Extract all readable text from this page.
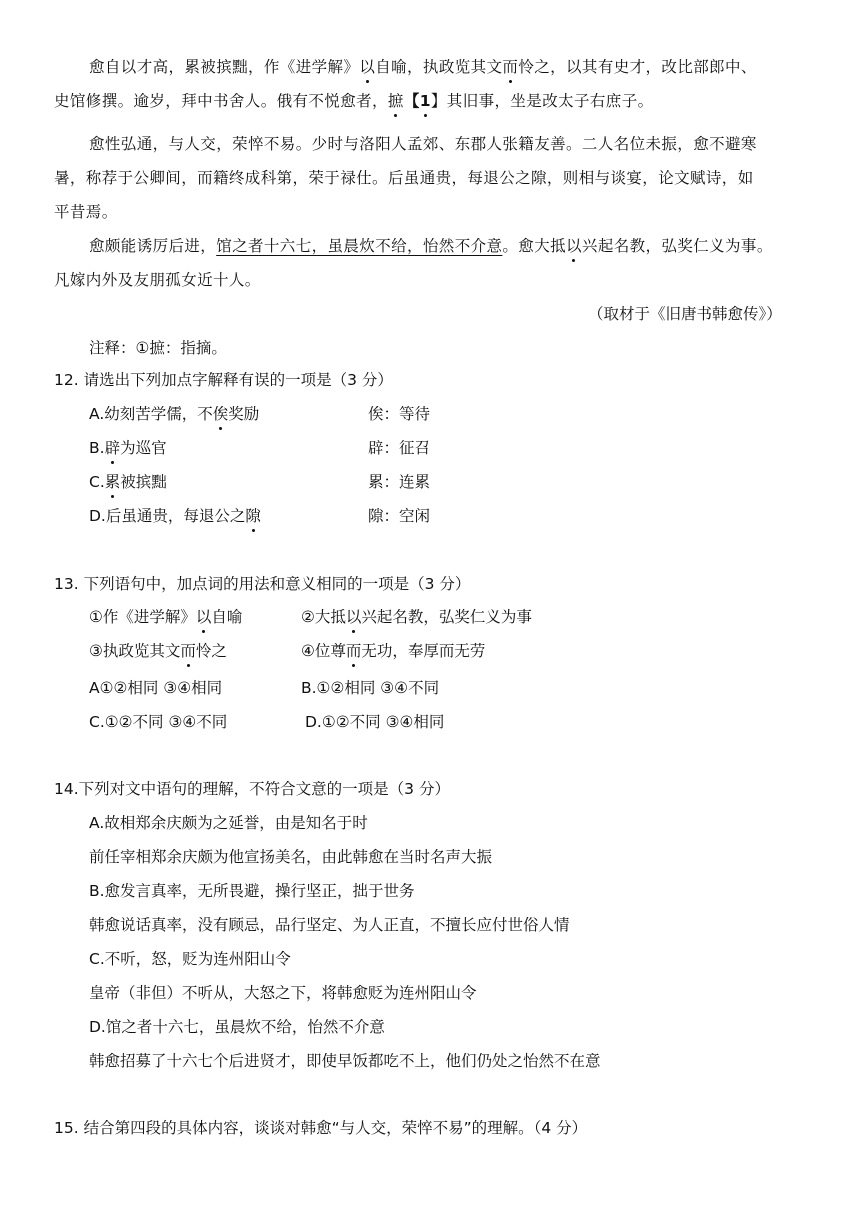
愈自以才高，累被摈黜，作《进学解》以自喻，执政览其文而怜之，以其有史才，改比部郎中、
史馆修撰。逾岁，拜中书舍人。俄有不悦愈者，摭【1】其旧事，坐是改太子右庶子。
愈性弘通，与人交，荣悴不易。少时与洛阳人孟郊、东郡人张籍友善。二人名位未振，愈不避寒
暑，称荐于公卿间，而籍终成科第，荣于禄仕。后虽通贵，每退公之隙，则相与谈宴，论文赋诗，如
平昔焉。
愈颇能诱厉后进，馆之者十六七，虽晨炊不给，怡然不介意。愈大抵以兴起名教，弘奖仁义为事。
凡嫁内外及友朋孤女近十人。
（取材于《旧唐书韩愈传》）
注释：①摭：指摘。
12. 请选出下列加点字解释有误的一项是（3 分）
A.幼刻苦学儒，不俟奖励	俟：等待
B.辟为巡官	辟：征召
C.累被摈黜	累：连累
D.后虽通贵，每退公之隙	隙：空闲
13. 下列语句中，加点词的用法和意义相同的一项是（3 分）
①作《进学解》以自喻	②大抵以兴起名教，弘奖仁义为事
③执政览其文而怜之	④位尊而无功，奉厚而无劳
A①②相同 ③④相同	B.①②相同 ③④不同
C.①②不同 ③④不同	D.①②不同 ③④相同
14.下列对文中语句的理解，不符合文意的一项是（3 分）
A.故相郑余庆颇为之延誉，由是知名于时
前任宰相郑余庆颇为他宣扬美名，由此韩愈在当时名声大振
B.愈发言真率，无所畏避，操行坚正，拙于世务
韩愈说话真率，没有顾忌，品行坚定、为人正直，不擅长应付世俗人情
C.不听，怒，贬为连州阳山令
皇帝（非但）不听从，大怒之下，将韩愈贬为连州阳山令
D.馆之者十六七，虽晨炊不给，怡然不介意
韩愈招募了十六七个后进贤才，即使早饭都吃不上，他们仍处之怡然不在意
15. 结合第四段的具体内容，谈谈对韩愈“与人交，荣悴不易”的理解。（4 分）
